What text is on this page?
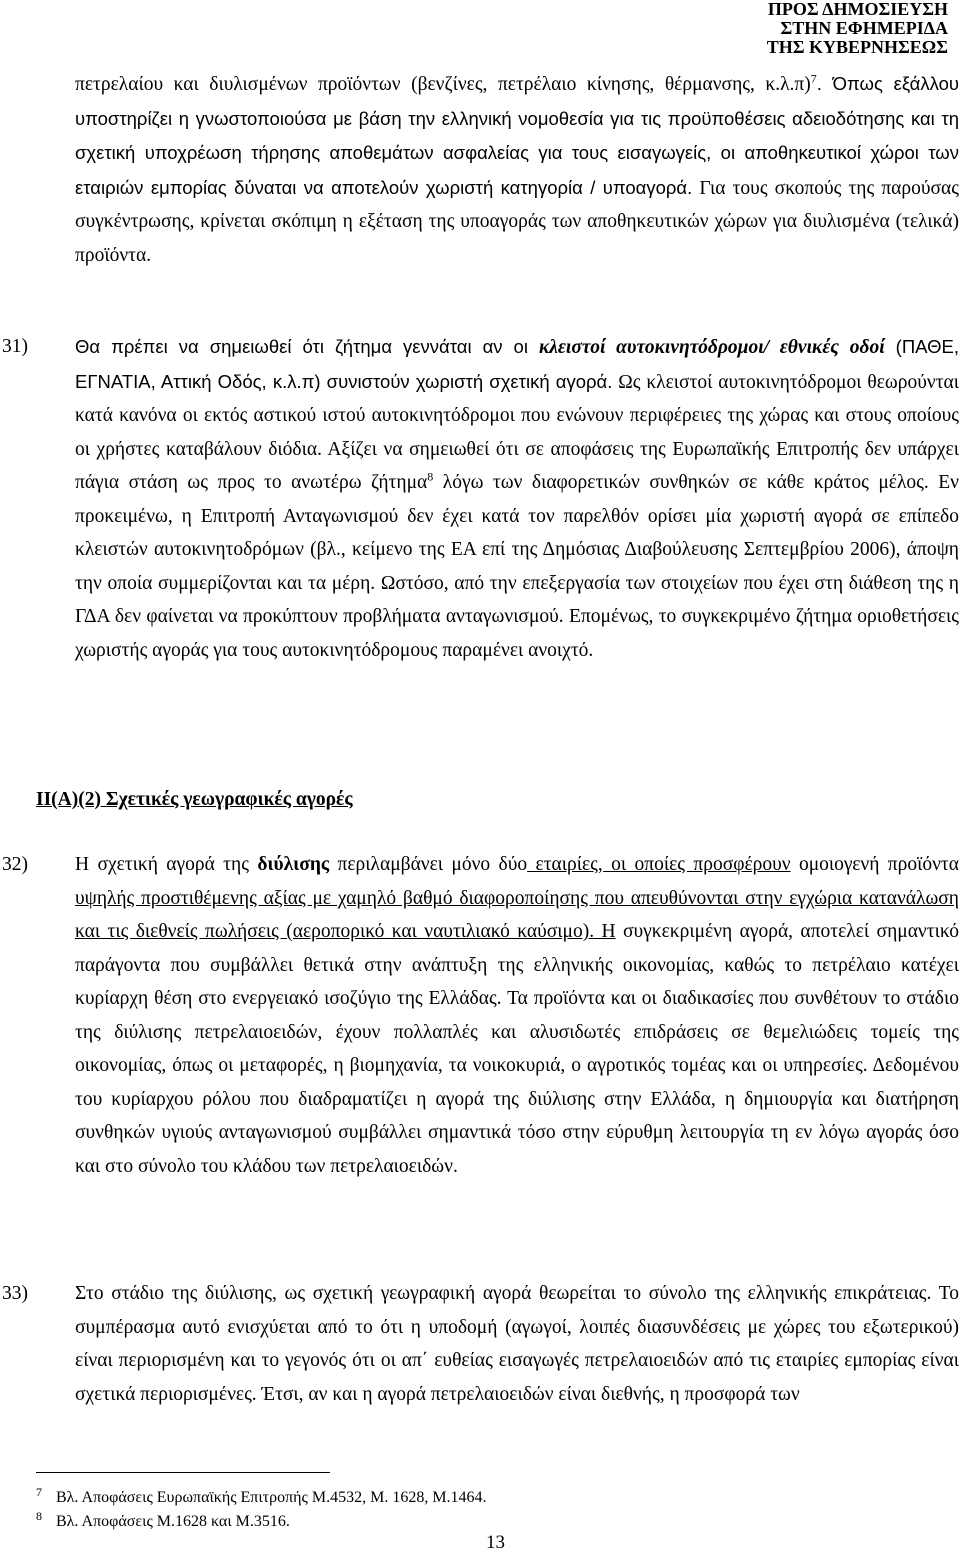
ΠΡΟΣ ΔΗΜΟΣΙΕΥΣΗ
ΣΤΗΝ ΕΦΗΜΕΡΙΔΑ
ΤΗΣ ΚΥΒΕΡΝΗΣΕΩΣ

πετρελαίου και διυλισμένων προϊόντων (βενζίνες, πετρέλαιο κίνησης, θέρμανσης, κ.λ.π)$^7$. Όπως εξάλλου υποστηρίζει η γνωστοποιούσα με βάση την ελληνική νομοθεσία για τις προϋποθέσεις αδειοδότησης και τη σχετική υποχρέωση τήρησης αποθεμάτων ασφαλείας για τους εισαγωγείς, οι αποθηκευτικοί χώροι των εταιριών εμπορίας δύναται να αποτελούν χωριστή κατηγορία / υποαγορά. Για τους σκοπούς της παρούσας συγκέντρωσης, κρίνεται σκόπιμη η εξέταση της υποαγοράς των αποθηκευτικών χώρων για διυλισμένα (τελικά) προϊόντα.

31)	Θα πρέπει να σημειωθεί ότι ζήτημα γεννάται αν οι κλειστοί αυτοκινητόδρομοι/ εθνικές οδοί (ΠΑΘΕ, ΕΓΝΑΤΙΑ, Αττική Οδός, κ.λ.π) συνιστούν χωριστή σχετική αγορά. Ως κλειστοί αυτοκινητόδρομοι θεωρούνται κατά κανόνα οι εκτός αστικού ιστού αυτοκινητόδρομοι που ενώνουν περιφέρειες της χώρας και στους οποίους οι χρήστες καταβάλουν διόδια. Αξίζει να σημειωθεί ότι σε αποφάσεις της Ευρωπαϊκής Επιτροπής δεν υπάρχει πάγια στάση ως προς το ανωτέρω ζήτημα$^8$ λόγω των διαφορετικών συνθηκών σε κάθε κράτος μέλος. Εν προκειμένω, η Επιτροπή Ανταγωνισμού δεν έχει κατά τον παρελθόν ορίσει μία χωριστή αγορά σε επίπεδο κλειστών αυτοκινητοδρόμων (βλ., κείμενο της ΕΑ επί της Δημόσιας Διαβούλευσης Σεπτεμβρίου 2006), άποψη την οποία συμμερίζονται και τα μέρη. Ωστόσο, από την επεξεργασία των στοιχείων που έχει στη διάθεση της η ΓΔΑ δεν φαίνεται να προκύπτουν προβλήματα ανταγωνισμού. Επομένως, το συγκεκριμένο ζήτημα οριοθετήσεις χωριστής αγοράς για τους αυτοκινητόδρομους παραμένει ανοιχτό.

ΙΙ(Α)(2) Σχετικές γεωγραφικές αγορές
32) Η σχετική αγορά της διύλισης περιλαμβάνει μόνο δύο εταιρίες, οι οποίες προσφέρουν ομοιογενή προϊόντα υψηλής προστιθέμενης αξίας με χαμηλό βαθμό διαφοροποίησης που απευθύνονται στην εγχώρια κατανάλωση και τις διεθνείς πωλήσεις (αεροπορικό και ναυτιλιακό καύσιμο). Η συγκεκριμένη αγορά, αποτελεί σημαντικό παράγοντα που συμβάλλει θετικά στην ανάπτυξη της ελληνικής οικονομίας, καθώς το πετρέλαιο κατέχει κυρίαρχη θέση στο ενεργειακό ισοζύγιο της Ελλάδας. Τα προϊόντα και οι διαδικασίες που συνθέτουν το στάδιο της διύλισης πετρελαιοειδών, έχουν πολλαπλές και αλυσιδωτές επιδράσεις σε θεμελιώδεις τομείς της οικονομίας, όπως οι μεταφορές, η βιομηχανία, τα νοικοκυριά, ο αγροτικός τομέας και οι υπηρεσίες. Δεδομένου του κυρίαρχου ρόλου που διαδραματίζει η αγορά της διύλισης στην Ελλάδα, η δημιουργία και διατήρηση συνθηκών υγιούς ανταγωνισμού συμβάλλει σημαντικά τόσο στην εύρυθμη λειτουργία τη εν λόγω αγοράς όσο και στο σύνολο του κλάδου των πετρελαιοειδών.

33) Στο στάδιο της διύλισης, ως σχετική γεωγραφική αγορά θεωρείται το σύνολο της ελληνικής επικράτειας. Το συμπέρασμα αυτό ενισχύεται από το ότι η υποδομή (αγωγοί, λοιπές διασυνδέσεις με χώρες του εξωτερικού) είναι περιορισμένη και το γεγονός ότι οι απ΄ ευθείας εισαγωγές πετρελαιοειδών από τις εταιρίες εμπορίας είναι σχετικά περιορισμένες. Έτσι, αν και η αγορά πετρελαιοειδών είναι διεθνής, η προσφορά των

7 Βλ. Αποφάσεις Ευρωπαϊκής Επιτροπής Μ.4532, Μ. 1628, Μ.1464.
8 Βλ. Αποφάσεις Μ.1628 και Μ.3516.
13
